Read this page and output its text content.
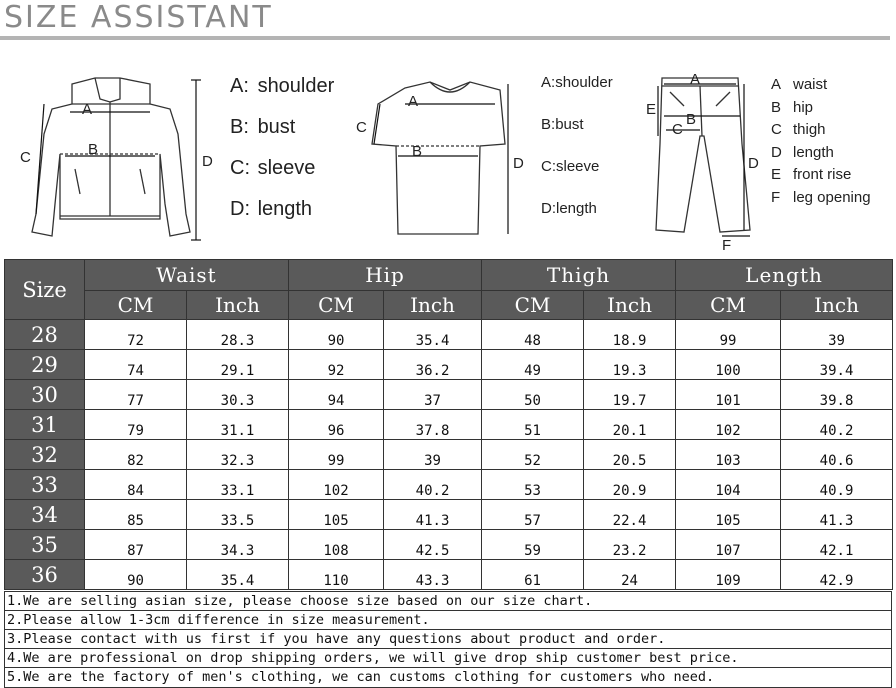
SIZE ASSISTANT
A
B
C	D
A
B
C
D
A
B
C
D
E
F
A: shoulder
B: bust
C: sleeve
D: length
A:shoulder
B:bust
C:sleeve
D:length
A waist
B hip
C thigh
D length
E front rise
F leg opening
Size	Waist		Hip		Thigh		Length	
	CM	Inch	CM	Inch	CM	Inch	CM	Inch
28	72	28.3	90	35.4	48	18.9	99	39
29	74	29.1	92	36.2	49	19.3	100	39.4
30	77	30.3	94	37	50	19.7	101	39.8
31	79	31.1	96	37.8	51	20.1	102	40.2
32	82	32.3	99	39	52	20.5	103	40.6
33	84	33.1	102	40.2	53	20.9	104	40.9
34	85	33.5	105	41.3	57	22.4	105	41.3
35	87	34.3	108	42.5	59	23.2	107	42.1
36	90	35.4	110	43.3	61	24	109	42.9
1.We are selling asian size, please choose size based on our size chart.
2.Please allow 1-3cm difference in size measurement.
3.Please contact with us first if you have any questions about product and order.
4.We are professional on drop shipping orders, we will give drop ship customer best price.
5.We are the factory of men's clothing, we can customs clothing for customers who need.
